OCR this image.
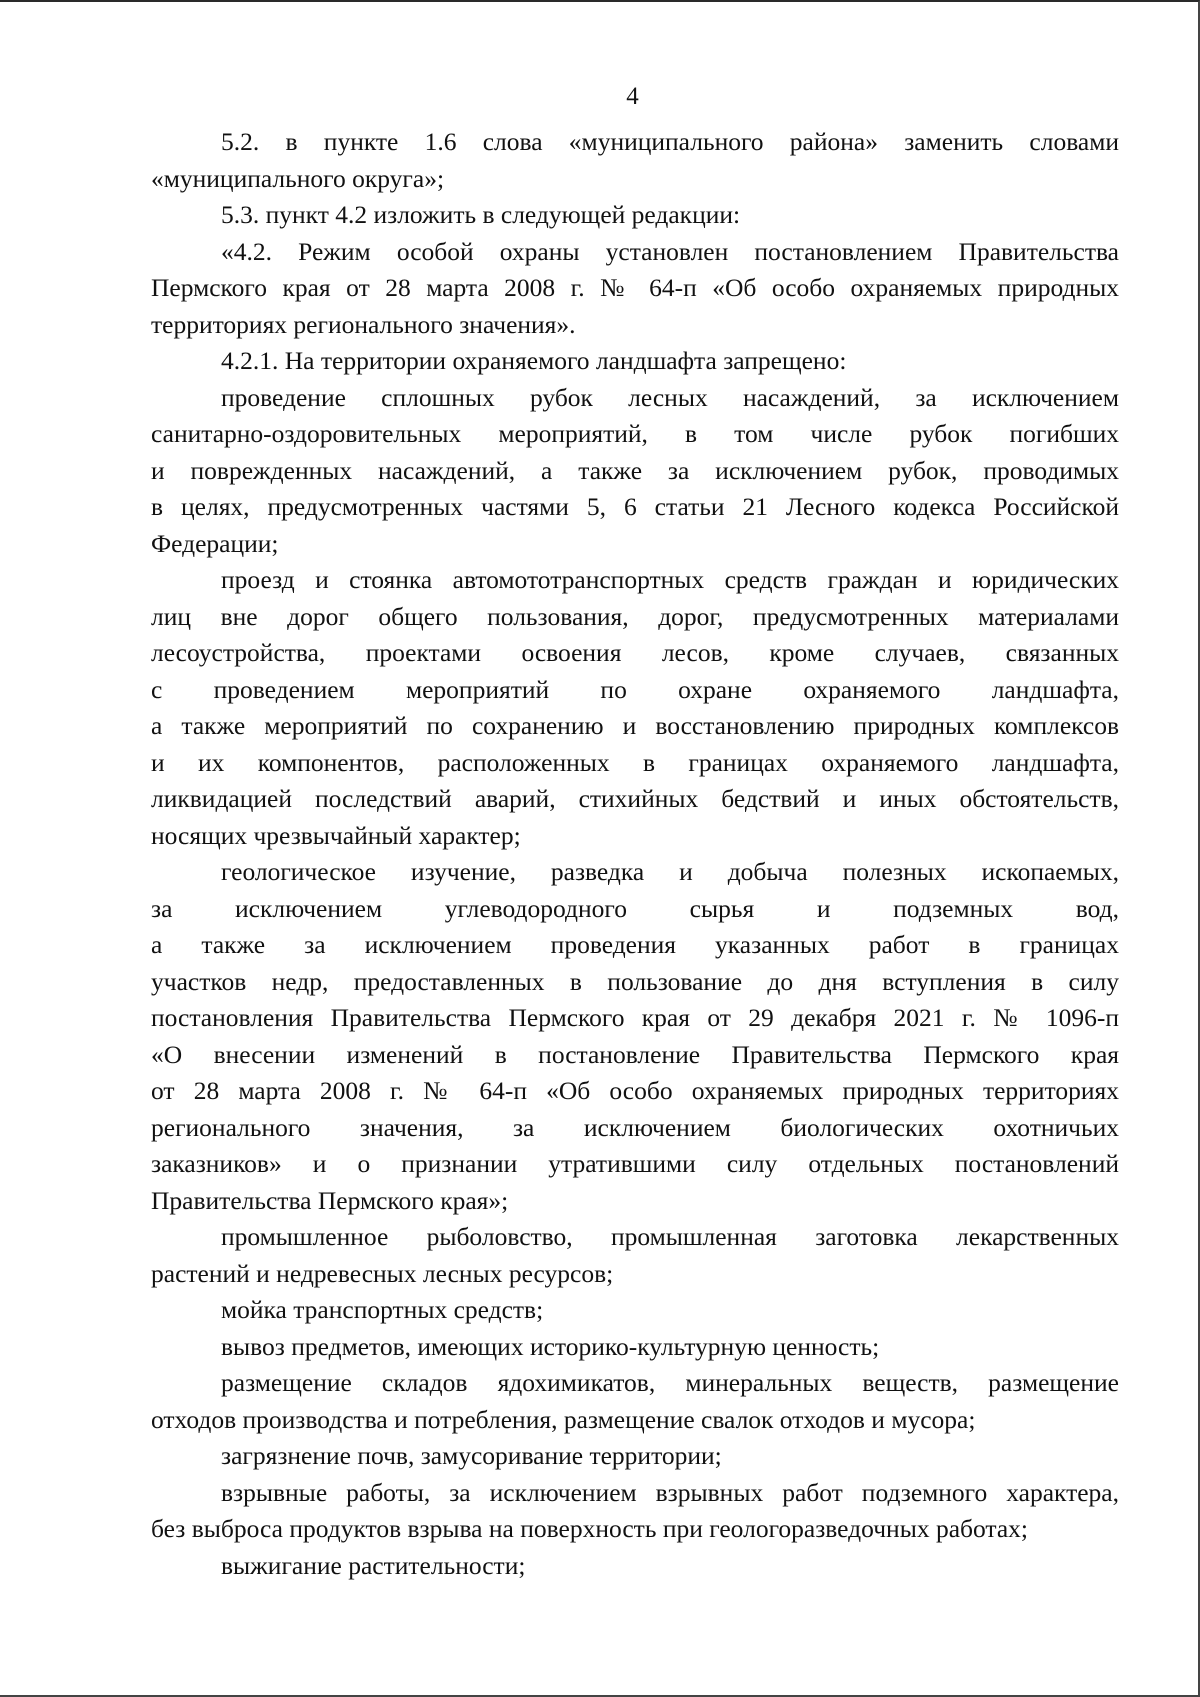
4
5.2. в пункте 1.6 слова «муниципального района» заменить словами
«муниципального округа»;
5.3. пункт 4.2 изложить в следующей редакции:
«4.2. Режим особой охраны установлен постановлением Правительства
Пермского края от 28 марта 2008 г. № 64-п «Об особо охраняемых природных
территориях регионального значения».
4.2.1. На территории охраняемого ландшафта запрещено:
проведение сплошных рубок лесных насаждений, за исключением
санитарно-оздоровительных мероприятий, в том числе рубок погибших
и поврежденных насаждений, а также за исключением рубок, проводимых
в целях, предусмотренных частями 5, 6 статьи 21 Лесного кодекса Российской
Федерации;
проезд и стоянка автомототранспортных средств граждан и юридических
лиц вне дорог общего пользования, дорог, предусмотренных материалами
лесоустройства, проектами освоения лесов, кроме случаев, связанных
с проведением мероприятий по охране охраняемого ландшафта,
а также мероприятий по сохранению и восстановлению природных комплексов
и их компонентов, расположенных в границах охраняемого ландшафта,
ликвидацией последствий аварий, стихийных бедствий и иных обстоятельств,
носящих чрезвычайный характер;
геологическое изучение, разведка и добыча полезных ископаемых,
за исключением углеводородного сырья и подземных вод,
а также за исключением проведения указанных работ в границах
участков недр, предоставленных в пользование до дня вступления в силу
постановления Правительства Пермского края от 29 декабря 2021 г. № 1096-п
«О внесении изменений в постановление Правительства Пермского края
от 28 марта 2008 г. № 64-п «Об особо охраняемых природных территориях
регионального значения, за исключением биологических охотничьих
заказников» и о признании утратившими силу отдельных постановлений
Правительства Пермского края»;
промышленное рыболовство, промышленная заготовка лекарственных
растений и недревесных лесных ресурсов;
мойка транспортных средств;
вывоз предметов, имеющих историко-культурную ценность;
размещение складов ядохимикатов, минеральных веществ, размещение
отходов производства и потребления, размещение свалок отходов и мусора;
загрязнение почв, замусоривание территории;
взрывные работы, за исключением взрывных работ подземного характера,
без выброса продуктов взрыва на поверхность при геологоразведочных работах;
выжигание растительности;
